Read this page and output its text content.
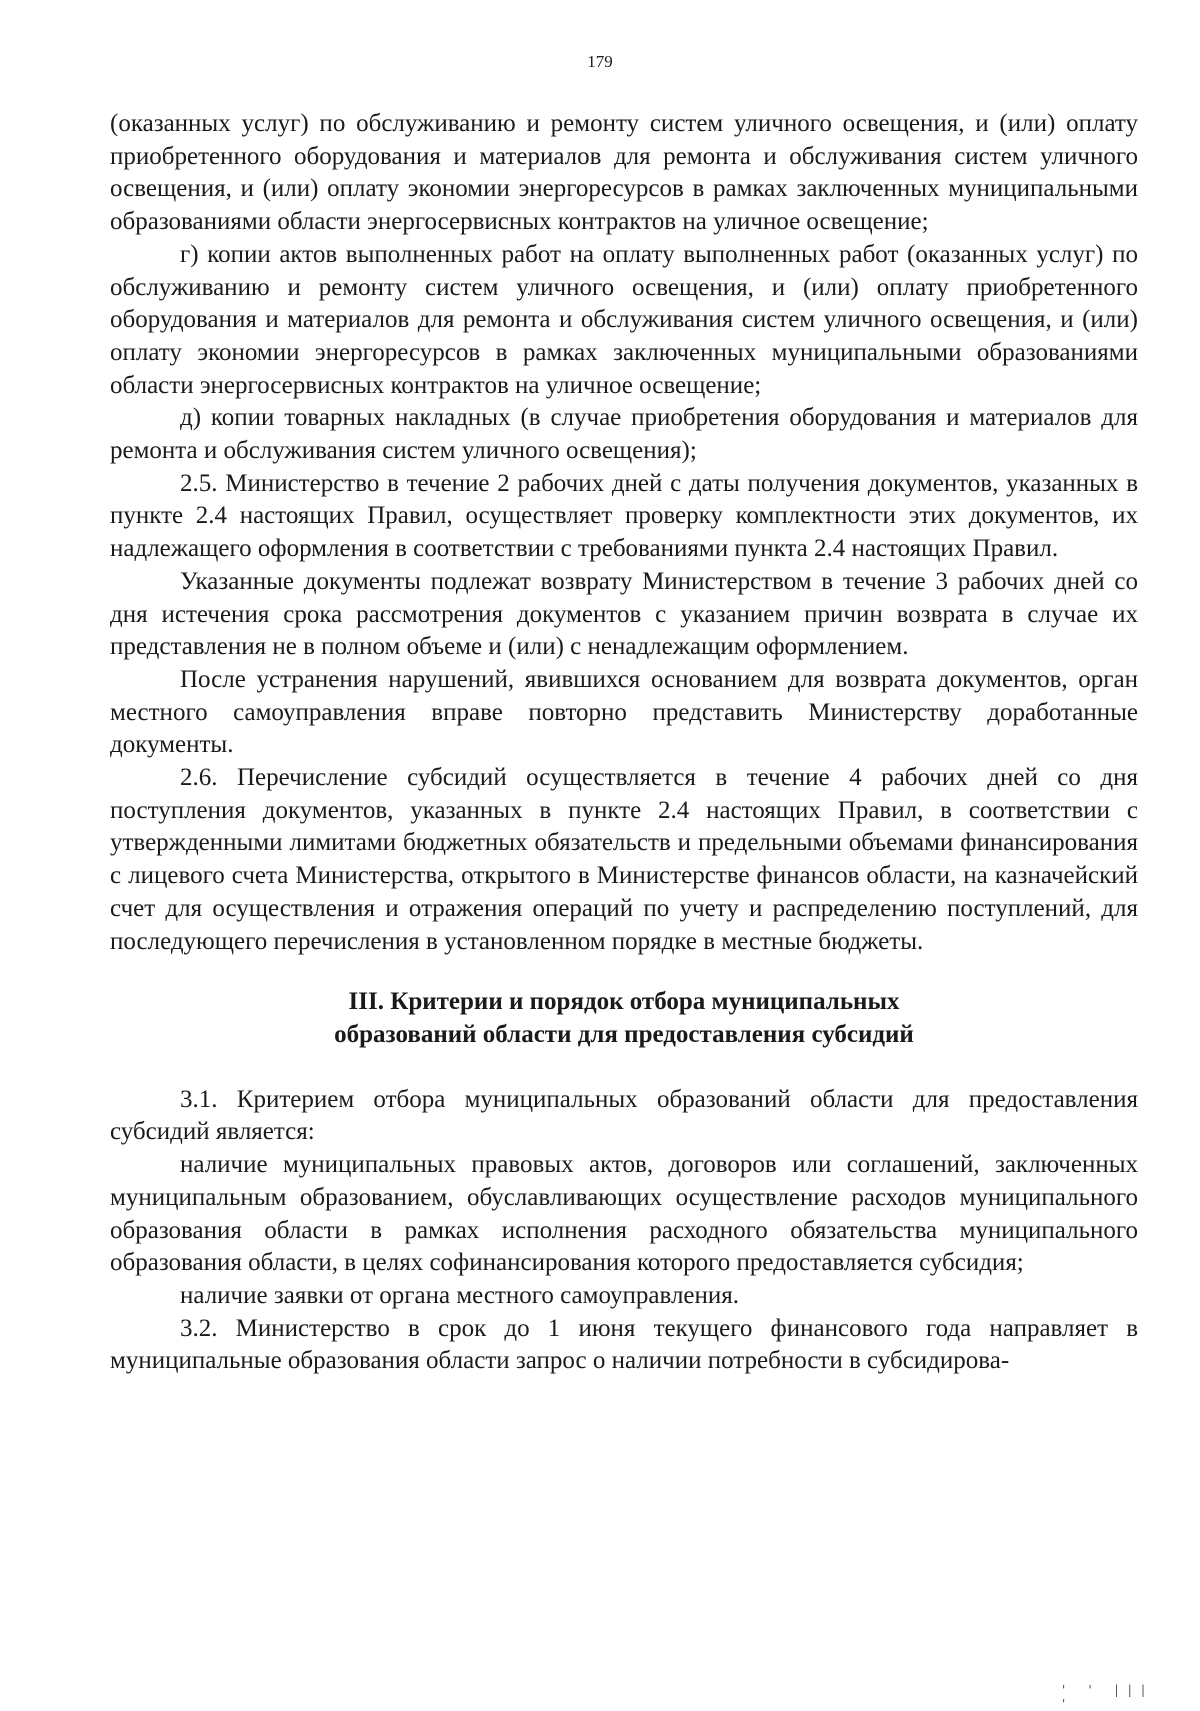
179

(оказанных услуг) по обслуживанию и ремонту систем уличного освещения, и (или) оплату приобретенного оборудования и материалов для ремонта и обслуживания систем уличного освещения, и (или) оплату экономии энергоресурсов в рамках заключенных муниципальными образованиями области энергосервисных контрактов на уличное освещение;

г) копии актов выполненных работ на оплату выполненных работ (оказанных услуг) по обслуживанию и ремонту систем уличного освещения, и (или) оплату приобретенного оборудования и материалов для ремонта и обслуживания систем уличного освещения, и (или) оплату экономии энергоресурсов в рамках заключенных муниципальными образованиями области энергосервисных контрактов на уличное освещение;

д) копии товарных накладных (в случае приобретения оборудования и материалов для ремонта и обслуживания систем уличного освещения);

2.5. Министерство в течение 2 рабочих дней с даты получения документов, указанных в пункте 2.4 настоящих Правил, осуществляет проверку комплектности этих документов, их надлежащего оформления в соответствии с требованиями пункта 2.4 настоящих Правил.

Указанные документы подлежат возврату Министерством в течение 3 рабочих дней со дня истечения срока рассмотрения документов с указанием причин возврата в случае их представления не в полном объеме и (или) с ненадлежащим оформлением.

После устранения нарушений, явившихся основанием для возврата документов, орган местного самоуправления вправе повторно представить Министерству доработанные документы.

2.6. Перечисление субсидий осуществляется в течение 4 рабочих дней со дня поступления документов, указанных в пункте 2.4 настоящих Правил, в соответствии с утвержденными лимитами бюджетных обязательств и предельными объемами финансирования с лицевого счета Министерства, открытого в Министерстве финансов области, на казначейский счет для осуществления и отражения операций по учету и распределению поступлений, для последующего перечисления в установленном порядке в местные бюджеты.

III. Критерии и порядок отбора муниципальных
образований области для предоставления субсидий

3.1. Критерием отбора муниципальных образований области для предоставления субсидий является:

наличие муниципальных правовых актов, договоров или соглашений, заключенных муниципальным образованием, обуславливающих осуществление расходов муниципального образования области в рамках исполнения расходного обязательства муниципального образования области, в целях софинансирования которого предоставляется субсидия;

наличие заявки от органа местного самоуправления.

3.2. Министерство в срок до 1 июня текущего финансового года направляет в муниципальные образования области запрос о наличии потребности в субсидирова-

' ' ||| '
